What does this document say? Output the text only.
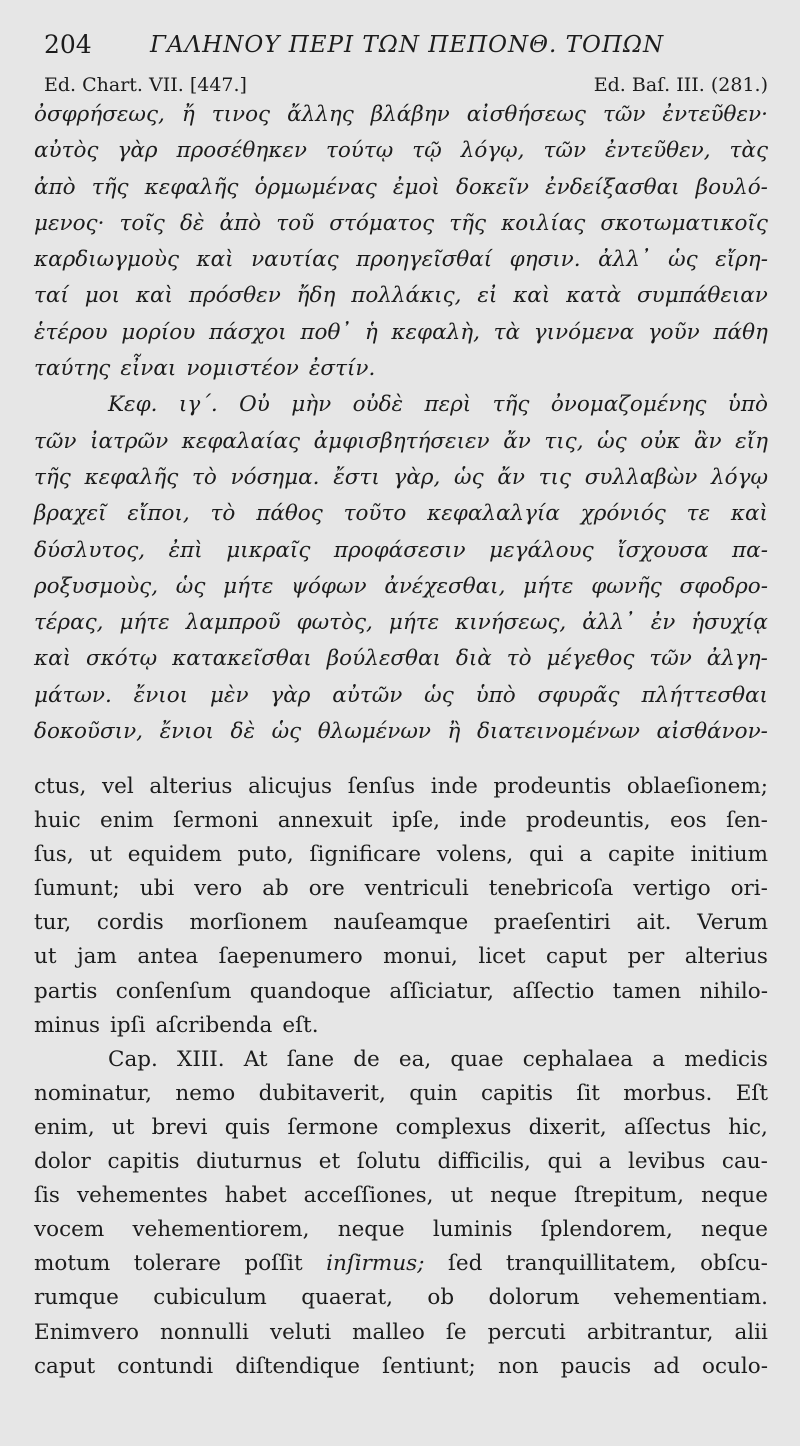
204	ΓΑΛΗΝΟΥ ΠΕΡΙ ΤΩΝ ΠΕΠΟΝΘ. ΤΟΠΩΝ
Ed. Chart. VII. [447.]	Ed. Baſ. III. (281.)
ὀσφρήσεως, ἤ τινος ἄλλης βλάβην αἰσθήσεως τῶν ἐντεῦθεν·
αὐτὸς γὰρ προσέθηκεν τούτῳ τῷ λόγῳ, τῶν ἐντεῦθεν, τὰς
ἀπὸ τῆς κεφαλῆς ὁρμωμένας ἐμοὶ δοκεῖν ἐνδείξασθαι βουλό-
μενος· τοῖς δὲ ἀπὸ τοῦ στόματος τῆς κοιλίας σκοτωματικοῖς
καρδιωγμοὺς καὶ ναυτίας προηγεῖσθαί φησιν. ἀλλ᾽ ὡς εἴρη-
ταί μοι καὶ πρόσθεν ἤδη πολλάκις, εἰ καὶ κατὰ συμπάθειαν
ἑτέρου μορίου πάσχοι ποθ᾽ ἡ κεφαλὴ, τὰ γινόμενα γοῦν πάθη
ταύτης εἶναι νομιστέον ἐστίν.
Κεφ. ιγ΄. Οὐ μὴν οὐδὲ περὶ τῆς ὀνομαζομένης ὑπὸ
τῶν ἰατρῶν κεφαλαίας ἀμφισβητήσειεν ἄν τις, ὡς οὐκ ἂν εἴη
τῆς κεφαλῆς τὸ νόσημα. ἔστι γὰρ, ὡς ἄν τις συλλαβὼν λόγῳ
βραχεῖ εἴποι, τὸ πάθος τοῦτο κεφαλαλγία χρόνιός τε καὶ
δύσλυτος, ἐπὶ μικραῖς προφάσεσιν μεγάλους ἴσχουσα πα-
ροξυσμοὺς, ὡς μήτε ψόφων ἀνέχεσθαι, μήτε φωνῆς σφοδρο-
τέρας, μήτε λαμπροῦ φωτὸς, μήτε κινήσεως, ἀλλ᾽ ἐν ἡσυχίᾳ
καὶ σκότῳ κατακεῖσθαι βούλεσθαι διὰ τὸ μέγεθος τῶν ἀλγη-
μάτων. ἔνιοι μὲν γὰρ αὐτῶν ὡς ὑπὸ σφυρᾶς πλήττεσθαι
δοκοῦσιν, ἔνιοι δὲ ὡς θλωμένων ἢ διατεινομένων αἰσθάνον-
ctus, vel alterius alicujus ſenſus inde prodeuntis oblaeſionem;
huic enim ſermoni annexuit ipſe, inde prodeuntis, eos ſen-
ſus, ut equidem puto, ſignificare volens, qui a capite initium
ſumunt; ubi vero ab ore ventriculi tenebricoſa vertigo ori-
tur, cordis morſionem nauſeamque praeſentiri ait. Verum
ut jam antea ſaepenumero monui, licet caput per alterius
partis conſenſum quandoque aſſiciatur, aſſectio tamen nihilo-
minus ipſi aſcribenda eſt.
Cap. XIII. At ſane de ea, quae cephalaea a medicis
nominatur, nemo dubitaverit, quin capitis ſit morbus. Eſt
enim, ut brevi quis ſermone complexus dixerit, aſſectus hic,
dolor capitis diuturnus et ſolutu difficilis, qui a levibus cau-
ſis vehementes habet acceſſiones, ut neque ſtrepitum, neque
vocem vehementiorem, neque luminis ſplendorem, neque
motum tolerare poſſit inſirmus; ſed tranquillitatem, obſcu-
rumque cubiculum quaerat, ob dolorum vehementiam.
Enimvero nonnulli veluti malleo ſe percuti arbitrantur, alii
caput contundi diſtendique ſentiunt; non paucis ad oculo-
